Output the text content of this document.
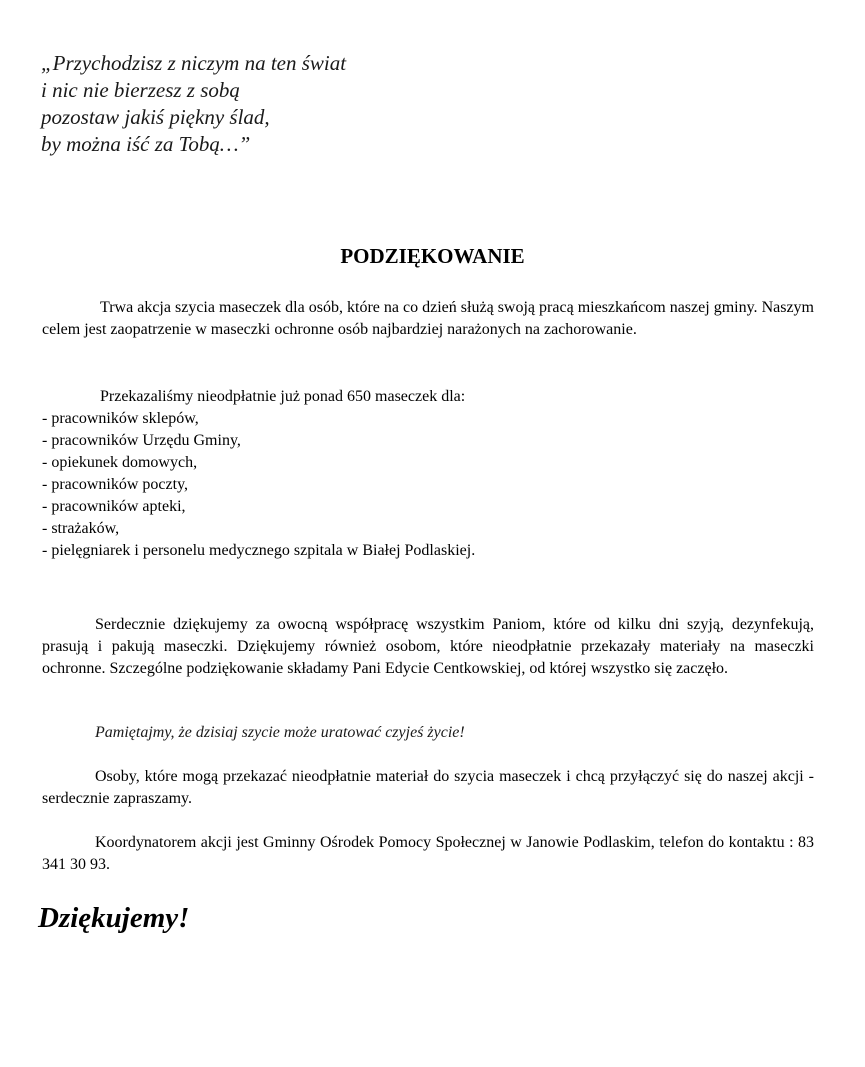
„Przychodzisz z niczym na ten świat
i nic nie bierzesz z sobą
pozostaw jakiś piękny ślad,
by można iść za Tobą…”
PODZIĘKOWANIE
Trwa akcja szycia maseczek dla osób, które na co dzień służą swoją pracą mieszkańcom naszej gminy. Naszym celem jest zaopatrzenie w maseczki ochronne osób najbardziej narażonych na zachorowanie.
Przekazaliśmy nieodpłatnie już ponad 650 maseczek dla:
- pracowników sklepów,
- pracowników Urzędu Gminy,
- opiekunek domowych,
- pracowników poczty,
- pracowników apteki,
- strażaków,
- pielęgniarek i personelu medycznego szpitala w Białej Podlaskiej.
Serdecznie dziękujemy za owocną współpracę wszystkim Paniom, które od kilku dni szyją, dezynfekują, prasują i pakują maseczki. Dziękujemy również osobom, które nieodpłatnie przekazały materiały na maseczki ochronne. Szczególne podziękowanie składamy Pani Edycie Centkowskiej, od której wszystko się zaczęło.
Pamiętajmy, że dzisiaj szycie może uratować czyjeś życie!
Osoby, które mogą przekazać nieodpłatnie materiał do szycia maseczek i chcą przyłączyć się do naszej akcji - serdecznie zapraszamy.
Koordynatorem akcji jest Gminny Ośrodek Pomocy Społecznej w Janowie Podlaskim, telefon do kontaktu : 83 341 30 93.
Dziękujemy!
